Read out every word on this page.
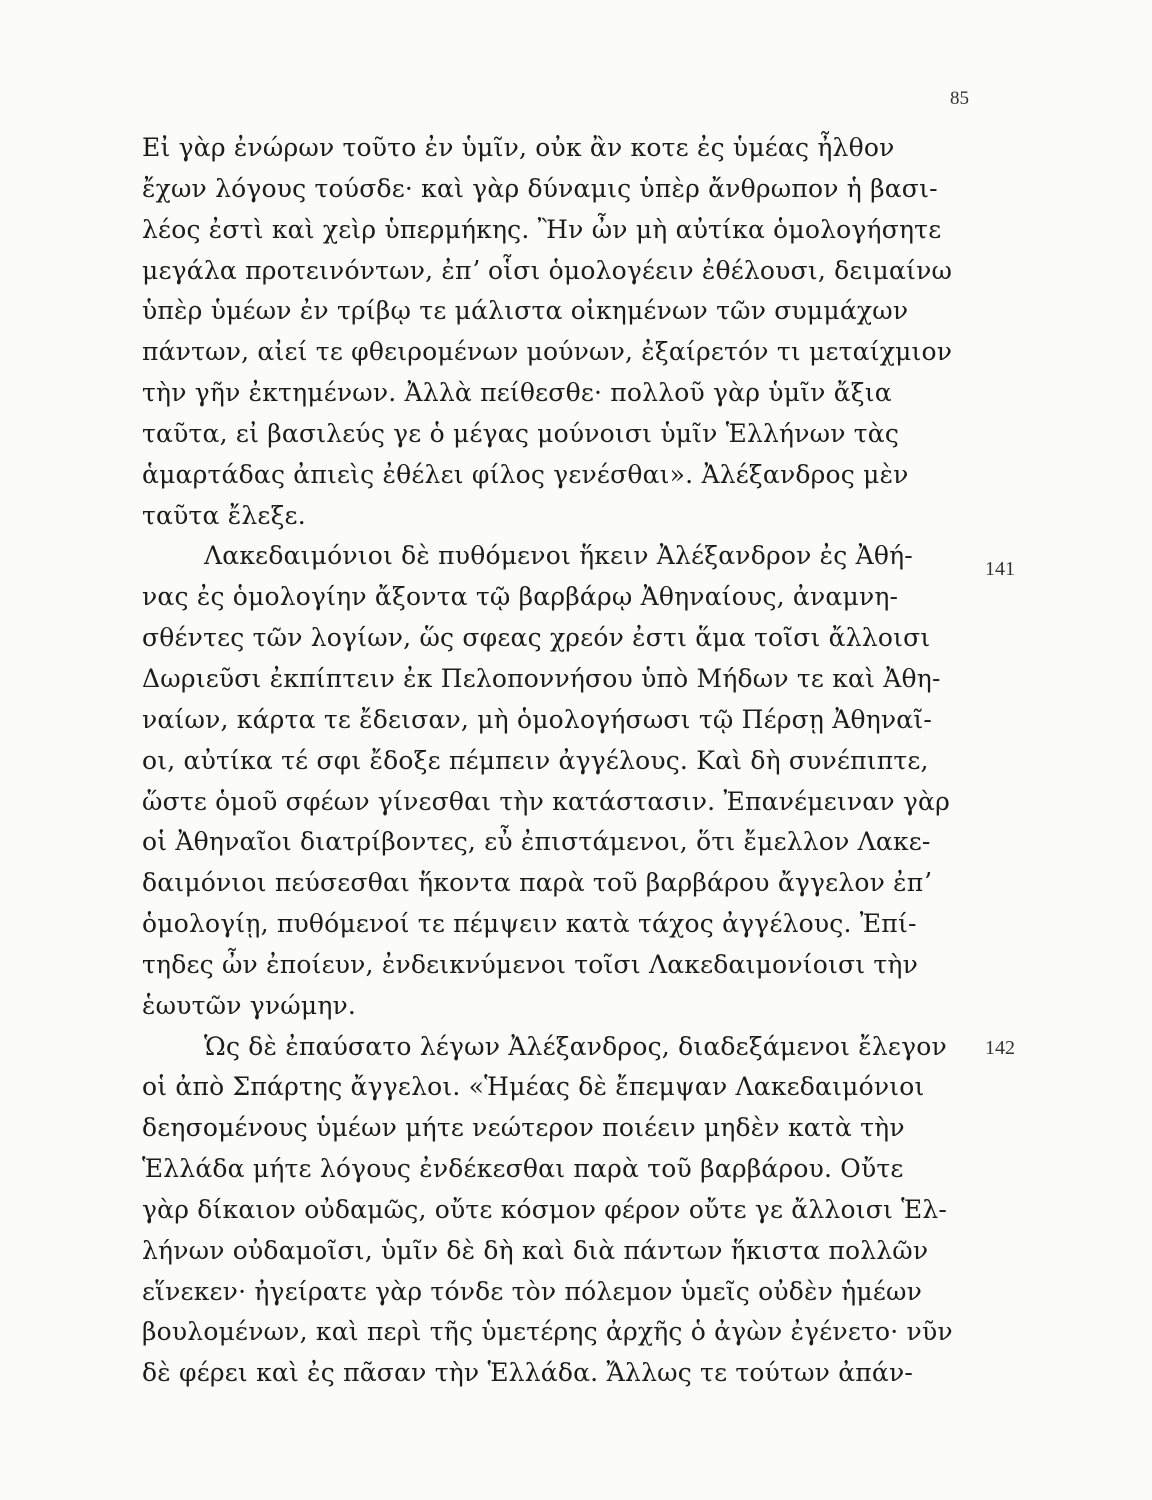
85
Εἰ γὰρ ἐνώρων τοῦτο ἐν ὑμῖν, οὐκ ἂν κοτε ἐς ὑμέας ἦλθον
ἔχων λόγους τούσδε· καὶ γὰρ δύναμις ὑπὲρ ἄνθρωπον ἡ βασι-
λέος ἐστὶ καὶ χεὶρ ὑπερμήκης. Ἢν ὦν μὴ αὐτίκα ὁμολογήσητε
μεγάλα προτεινόντων, ἐπʼ οἷσι ὁμολογέειν ἐθέλουσι, δειμαίνω
ὑπὲρ ὑμέων ἐν τρίβῳ τε μάλιστα οἰκημένων τῶν συμμάχων
πάντων, αἰεί τε φθειρομένων μούνων, ἐξαίρετόν τι μεταίχμιον
τὴν γῆν ἐκτημένων. Ἀλλὰ πείθεσθε· πολλοῦ γὰρ ὑμῖν ἄξια
ταῦτα, εἰ βασιλεύς γε ὁ μέγας μούνοισι ὑμῖν Ἑλλήνων τὰς
ἁμαρτάδας ἀπιεὶς ἐθέλει φίλος γενέσθαι». Ἀλέξανδρος μὲν
ταῦτα ἔλεξε.
Λακεδαιμόνιοι δὲ πυθόμενοι ἥκειν Ἀλέξανδρον ἐς Ἀθή-
νας ἐς ὁμολογίην ἄξοντα τῷ βαρβάρῳ Ἀθηναίους, ἀναμνη-
σθέντες τῶν λογίων, ὥς σφεας χρεόν ἐστι ἅμα τοῖσι ἄλλοισι
Δωριεῦσι ἐκπίπτειν ἐκ Πελοποννήσου ὑπὸ Μήδων τε καὶ Ἀθη-
ναίων, κάρτα τε ἔδεισαν, μὴ ὁμολογήσωσι τῷ Πέρσῃ Ἀθηναῖ-
οι, αὐτίκα τέ σφι ἔδοξε πέμπειν ἀγγέλους. Καὶ δὴ συνέπιπτε,
ὥστε ὁμοῦ σφέων γίνεσθαι τὴν κατάστασιν. Ἐπανέμειναν γὰρ
οἱ Ἀθηναῖοι διατρίβοντες, εὖ ἐπιστάμενοι, ὅτι ἔμελλον Λακε-
δαιμόνιοι πεύσεσθαι ἥκοντα παρὰ τοῦ βαρβάρου ἄγγελον ἐπʼ
ὁμολογίῃ, πυθόμενοί τε πέμψειν κατὰ τάχος ἀγγέλους. Ἐπί-
τηδες ὦν ἐποίευν, ἐνδεικνύμενοι τοῖσι Λακεδαιμονίοισι τὴν
ἑωυτῶν γνώμην.
Ὡς δὲ ἐπαύσατο λέγων Ἀλέξανδρος, διαδεξάμενοι ἔλεγον
οἱ ἀπὸ Σπάρτης ἄγγελοι. «Ἡμέας δὲ ἔπεμψαν Λακεδαιμόνιοι
δεησομένους ὑμέων μήτε νεώτερον ποιέειν μηδὲν κατὰ τὴν
Ἑλλάδα μήτε λόγους ἐνδέκεσθαι παρὰ τοῦ βαρβάρου. Οὔτε
γὰρ δίκαιον οὐδαμῶς, οὔτε κόσμον φέρον οὔτε γε ἄλλοισι Ἑλ-
λήνων οὐδαμοῖσι, ὑμῖν δὲ δὴ καὶ διὰ πάντων ἥκιστα πολλῶν
εἵνεκεν· ἠγείρατε γὰρ τόνδε τὸν πόλεμον ὑμεῖς οὐδὲν ἡμέων
βουλομένων, καὶ περὶ τῆς ὑμετέρης ἀρχῆς ὁ ἀγὼν ἐγένετο· νῦν
δὲ φέρει καὶ ἐς πᾶσαν τὴν Ἑλλάδα. Ἄλλως τε τούτων ἀπάν-
141
142
